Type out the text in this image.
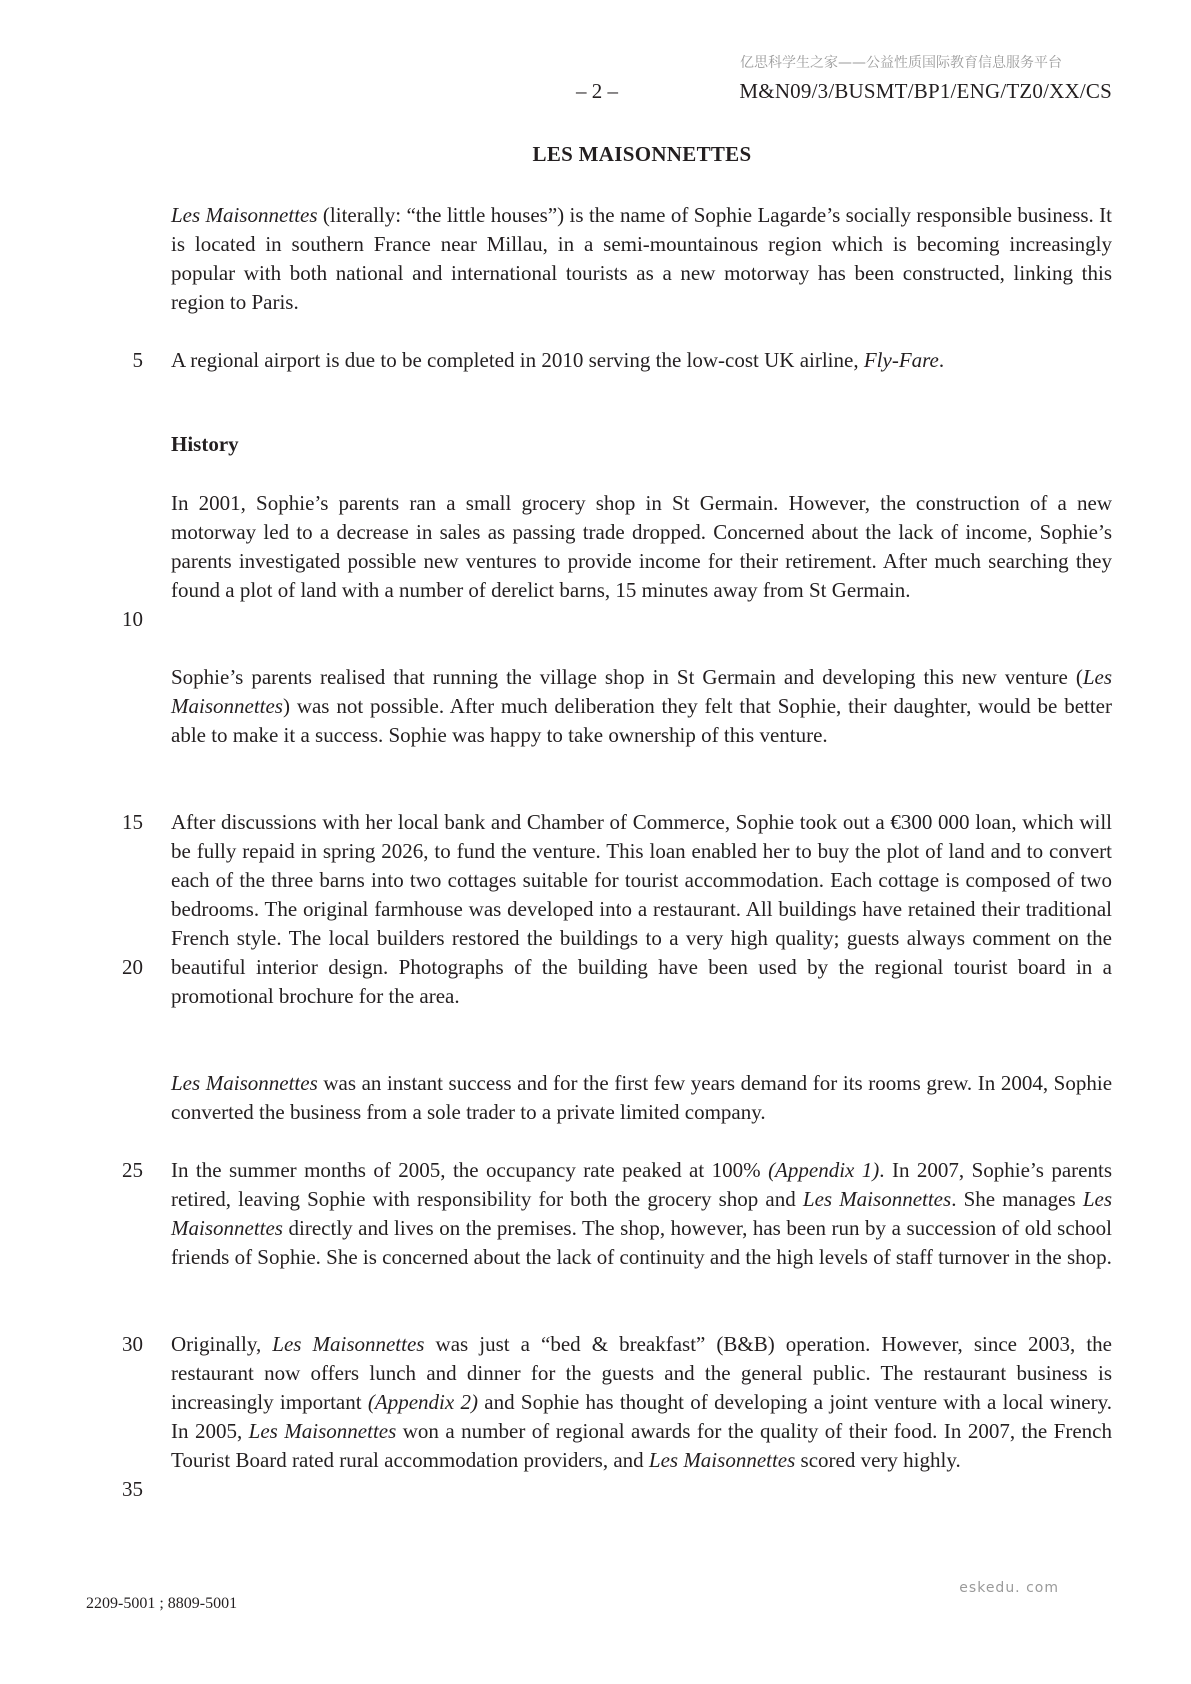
亿思科学生之家——公益性质国际教育信息服务平台
– 2 –	M&N09/3/BUSMT/BP1/ENG/TZ0/XX/CS
LES MAISONNETTES
Les Maisonnettes (literally: “the little houses”) is the name of Sophie Lagarde’s socially responsible business. It is located in southern France near Millau, in a semi-mountainous region which is becoming increasingly popular with both national and international tourists as a new motorway has been constructed, linking this region to Paris.
A regional airport is due to be completed in 2010 serving the low-cost UK airline, Fly-Fare.
History
In 2001, Sophie’s parents ran a small grocery shop in St Germain. However, the construction of a new motorway led to a decrease in sales as passing trade dropped. Concerned about the lack of income, Sophie’s parents investigated possible new ventures to provide income for their retirement. After much searching they found a plot of land with a number of derelict barns, 15 minutes away from St Germain.
Sophie’s parents realised that running the village shop in St Germain and developing this new venture (Les Maisonnettes) was not possible. After much deliberation they felt that Sophie, their daughter, would be better able to make it a success. Sophie was happy to take ownership of this venture.
After discussions with her local bank and Chamber of Commerce, Sophie took out a €300 000 loan, which will be fully repaid in spring 2026, to fund the venture. This loan enabled her to buy the plot of land and to convert each of the three barns into two cottages suitable for tourist accommodation. Each cottage is composed of two bedrooms. The original farmhouse was developed into a restaurant. All buildings have retained their traditional French style. The local builders restored the buildings to a very high quality; guests always comment on the beautiful interior design. Photographs of the building have been used by the regional tourist board in a promotional brochure for the area.
Les Maisonnettes was an instant success and for the first few years demand for its rooms grew. In 2004, Sophie converted the business from a sole trader to a private limited company.
In the summer months of 2005, the occupancy rate peaked at 100% (Appendix 1). In 2007, Sophie’s parents retired, leaving Sophie with responsibility for both the grocery shop and Les Maisonnettes. She manages Les Maisonnettes directly and lives on the premises. The shop, however, has been run by a succession of old school friends of Sophie. She is concerned about the lack of continuity and the high levels of staff turnover in the shop.
Originally, Les Maisonnettes was just a “bed & breakfast” (B&B) operation. However, since 2003, the restaurant now offers lunch and dinner for the guests and the general public. The restaurant business is increasingly important (Appendix 2) and Sophie has thought of developing a joint venture with a local winery. In 2005, Les Maisonnettes won a number of regional awards for the quality of their food. In 2007, the French Tourist Board rated rural accommodation providers, and Les Maisonnettes scored very highly.
5
10
15
20
25
30
35
eskedu. com
2209-5001 ; 8809-5001
